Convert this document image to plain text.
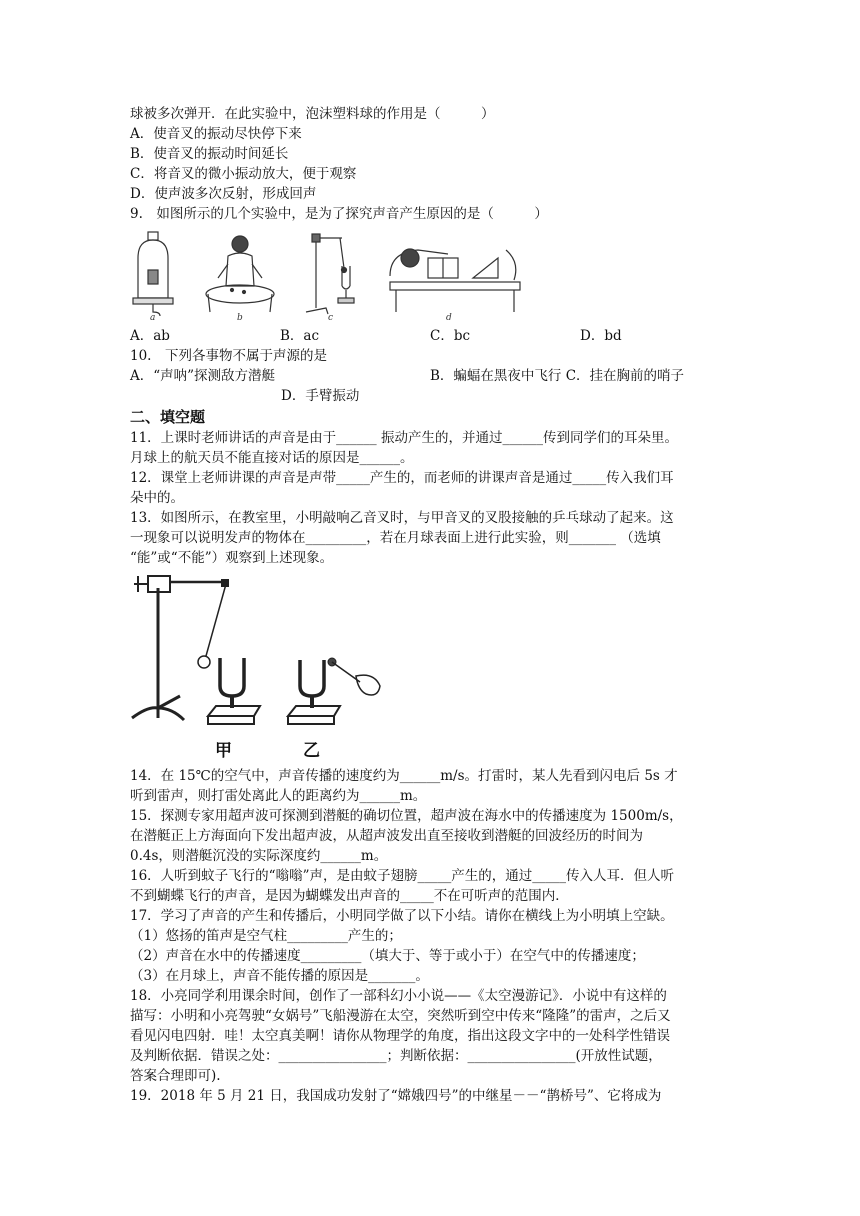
球被多次弹开．在此实验中，泡沫塑料球的作用是（　　　）
A．使音叉的振动尽快停下来
B．使音叉的振动时间延长
C．将音叉的微小振动放大，便于观察
D．使声波多次反射，形成回声
9.　如图所示的几个实验中，是为了探究声音产生原因的是（　　　）
a	b	c	d
A．ab	B．ac	C．bc	D．bd
10.　下列各事物不属于声源的是
A．“声呐”探测敌方潜艇	B．蝙蝠在黑夜中飞行 C．挂在胸前的哨子
D．手臂振动
二、填空题
11．上课时老师讲话的声音是由于______ 振动产生的，并通过______传到同学们的耳朵里。
月球上的航天员不能直接对话的原因是______。
12．课堂上老师讲课的声音是声带_____产生的，而老师的讲课声音是通过_____传入我们耳
朵中的。
13．如图所示，在教室里，小明敲响乙音叉时，与甲音叉的叉股接触的乒乓球动了起来。这
一现象可以说明发声的物体在_________，若在月球表面上进行此实验，则_______ （选填
“能”或“不能”）观察到上述现象。
甲	乙
14．在 15℃的空气中，声音传播的速度约为______m/s。打雷时，某人先看到闪电后 5s 才
听到雷声，则打雷处离此人的距离约为______m。
15．探测专家用超声波可探测到潜艇的确切位置，超声波在海水中的传播速度为 1500m/s，
在潜艇正上方海面向下发出超声波，从超声波发出直至接收到潜艇的回波经历的时间为
0.4s，则潜艇沉没的实际深度约______m。
16．人听到蚊子飞行的“嗡嗡”声，是由蚊子翅膀_____产生的，通过_____传入人耳．但人听
不到蝴蝶飞行的声音，是因为蝴蝶发出声音的_____不在可听声的范围内．
17．学习了声音的产生和传播后，小明同学做了以下小结。请你在横线上为小明填上空缺。
（1）悠扬的笛声是空气柱_________产生的；
（2）声音在水中的传播速度_________（填大于、等于或小于）在空气中的传播速度；
（3）在月球上，声音不能传播的原因是_______。
18．小亮同学利用课余时间，创作了一部科幻小小说——《太空漫游记》．小说中有这样的
描写：小明和小亮驾驶“女娲号”飞船漫游在太空，突然听到空中传来“隆隆”的雷声，之后又
看见闪电四射．哇！太空真美啊！请你从物理学的角度，指出这段文字中的一处科学性错误
及判断依据．错误之处：________________；判断依据：________________(开放性试题，
答案合理即可).
19．2018 年 5 月 21 日，我国成功发射了“嫦娥四号”的中继星－－“鹊桥号”、它将成为
